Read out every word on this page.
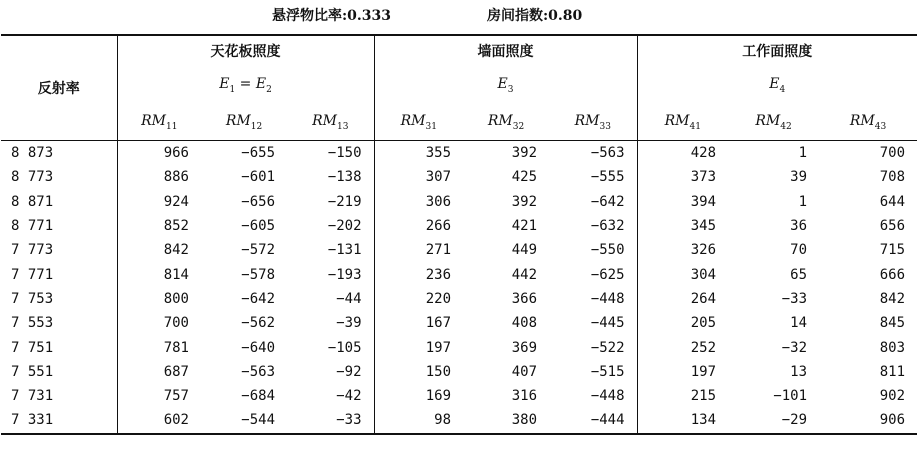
悬浮物比率:0.333	房间指数:0.80
反射率	天花板照度			墙面照度			工作面照度		
	$E_1 = E_2$			$E_3$			$E_4$
	$RM_{11}$	$RM_{12}$	$RM_{13}$	$RM_{31}$	$RM_{32}$	$RM_{33}$	$RM_{41}$	$RM_{42}$	$RM_{43}$
8 873	966	−655	−150	355	392	−563	428	1	700
8 773	886	−601	−138	307	425	−555	373	39	708
8 871	924	−656	−219	306	392	−642	394	1	644
8 771	852	−605	−202	266	421	−632	345	36	656
7 773	842	−572	−131	271	449	−550	326	70	715
7 771	814	−578	−193	236	442	−625	304	65	666
7 753	800	−642	−44	220	366	−448	264	−33	842
7 553	700	−562	−39	167	408	−445	205	14	845
7 751	781	−640	−105	197	369	−522	252	−32	803
7 551	687	−563	−92	150	407	−515	197	13	811
7 731	757	−684	−42	169	316	−448	215	−101	902
7 331	602	−544	−33	98	380	−444	134	−29	906
